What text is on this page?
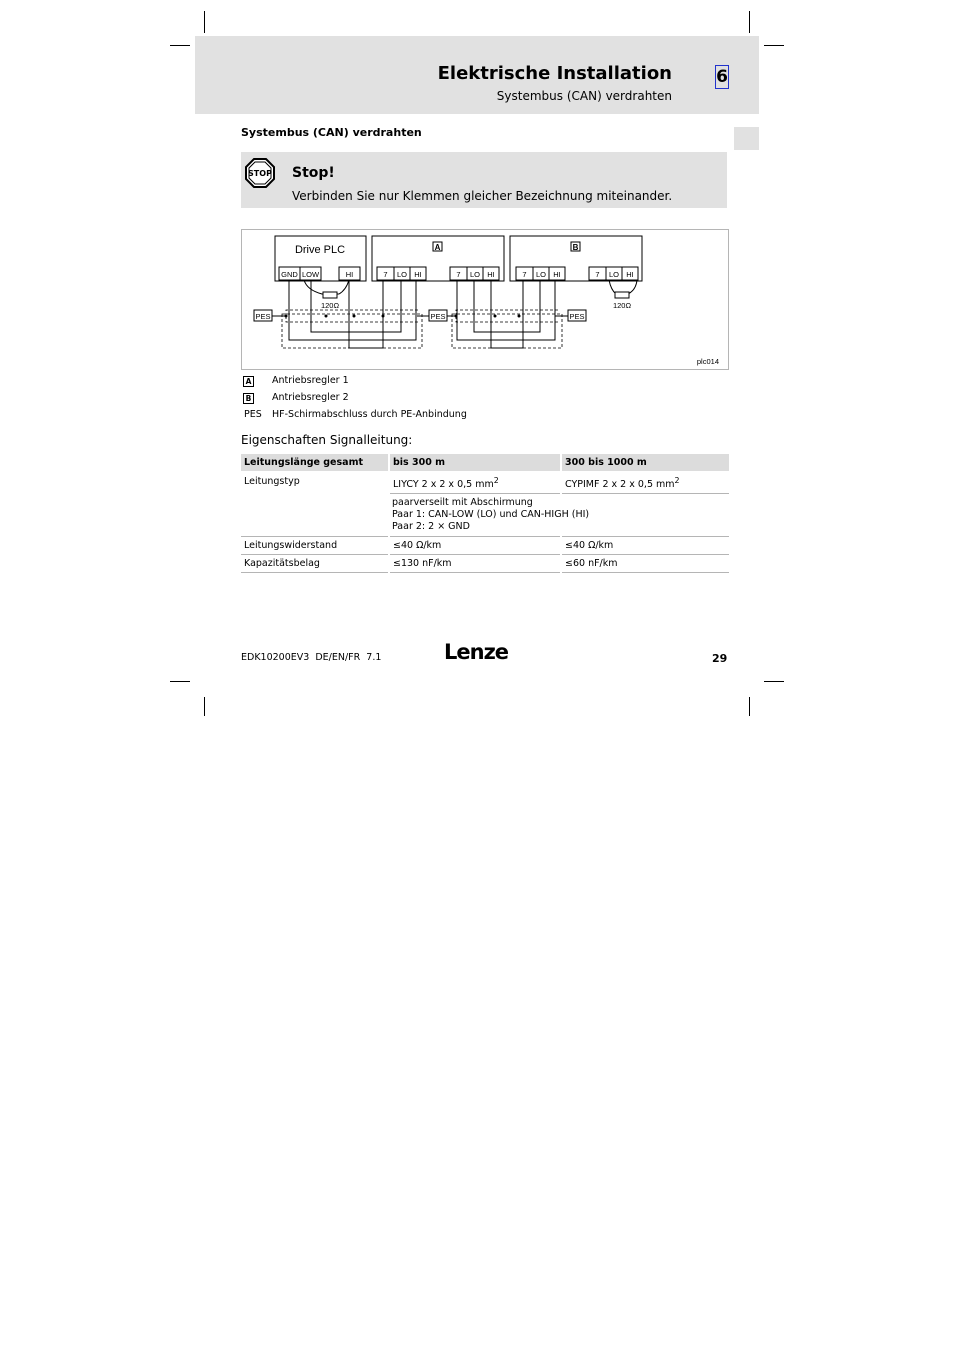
Elektrische Installation
Systembus (CAN) verdrahten
6
Systembus (CAN) verdrahten
STOP Stop!
Verbinden Sie nur Klemmen gleicher Bezeichnung miteinander.
Drive PLC	A	B
GND LOW	HI	7 LO HI	7 LO HI	7 LO HI	7 LO HI
120Ω	120Ω
PES	PES	PES
plc014
A Antriebsregler 1
B Antriebsregler 2
PES HF-Schirmabschluss durch PE-Anbindung
Eigenschaften Signalleitung:
Leitungslänge gesamt	bis 300 m	300 bis 1000 m
Leitungstyp	LIYCY 2 x 2 x 0,5 $mm^2$	CYPIMF 2 x 2 x 0,5 $mm^2$

	paarverseilt mit Abschirmung
Paar 1: CAN-LOW (LO) und CAN-HIGH (HI)
Paar 2: 2 × GND	

Leitungswiderstand	≤40 Ω/km	≤40 Ω/km
Kapazitätsbelag	≤130 nF/km	≤60 nF/km
EDK10200EV3  DE/EN/FR  7.1	Lenze	29
